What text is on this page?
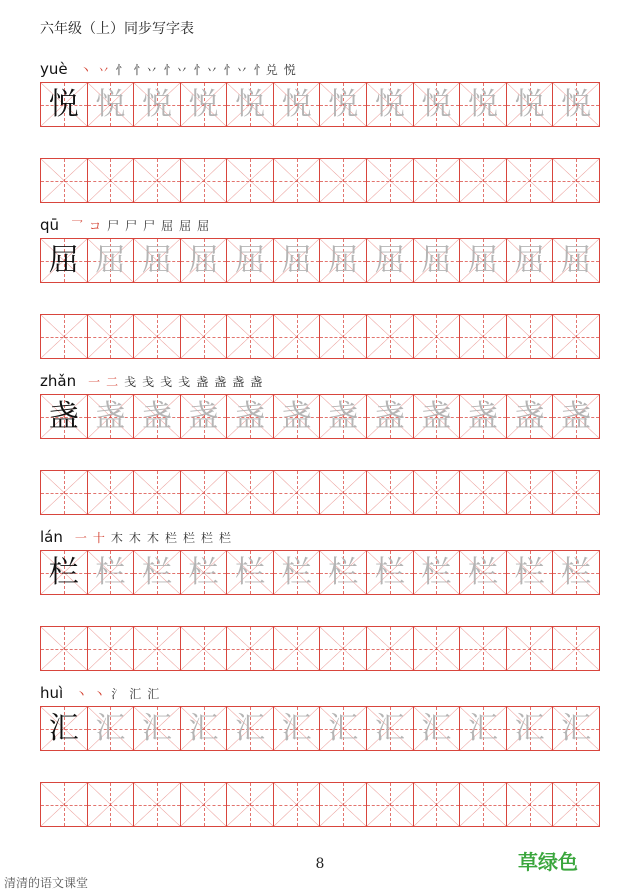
六年级（上）同步写字表
yuè 丶 丷 忄 忄丷 忄丷 忄丷 忄丷 忄兑 悦
悦 悦 悦 悦 悦 悦 悦 悦 悦 悦 悦 悦
qū 乛 コ 尸 尸 尸 屈 屈 屈
屈 屈 屈 屈 屈 屈 屈 屈 屈 屈 屈 屈
zhǎn 一 二 戋 戋 戋 戋 盏 盏 盏 盏
盏 盏 盏 盏 盏 盏 盏 盏 盏 盏 盏 盏
lán 一 十 木 木 木 栏 栏 栏 栏
栏 栏 栏 栏 栏 栏 栏 栏 栏 栏 栏 栏
huì 丶 丶 氵 汇 汇
汇 汇 汇 汇 汇 汇 汇 汇 汇 汇 汇 汇
8	草绿色
清清的语文课堂
